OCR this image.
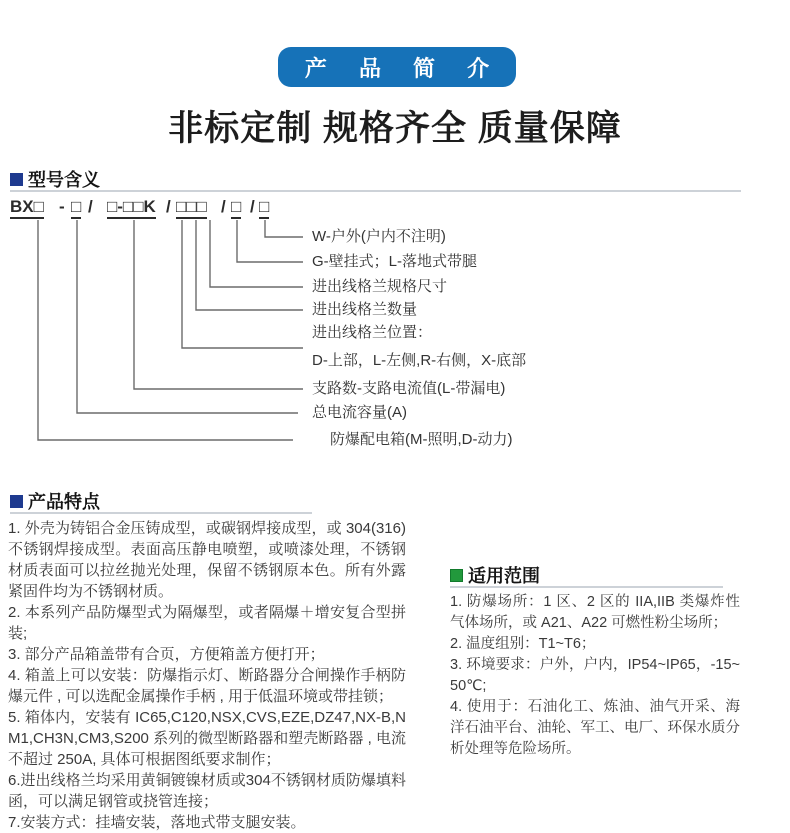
产 品 简 介
非标定制 规格齐全 质量保障
型号含义
BX□ - □ / □-□□K / □□□ / □ / □
W-户外(户内不注明)
G-壁挂式；L-落地式带腿
进出线格兰规格尺寸
进出线格兰数量
进出线格兰位置：
D-上部，L-左侧,R-右侧，X-底部
支路数-支路电流值(L-带漏电)
总电流容量(A)
防爆配电箱(M-照明,D-动力)
产品特点

1. 外壳为铸铝合金压铸成型，或碳钢焊接成型，或 304(316)不锈钢焊接成型。表面高压静电喷塑，或喷漆处理，不锈钢材质表面可以拉丝抛光处理，保留不锈钢原本色。所有外露紧固件均为不锈钢材质。

2. 本系列产品防爆型式为隔爆型，或者隔爆＋增安复合型拼装;

3. 部分产品箱盖带有合页，方便箱盖方便打开；

4. 箱盖上可以安装：防爆指示灯、断路器分合闸操作手柄防爆元件 , 可以选配金属操作手柄 , 用于低温环境或带挂锁；

5. 箱体内，安装有 IC65,C120,NSX,CVS,EZE,DZ47,NX-B,NM1,CH3N,CM3,S200 系列的微型断路器和塑壳断路器 , 电流不超过 250A, 具体可根据图纸要求制作；

6.进出线格兰均采用黄铜镀镍材质或304不锈钢材质防爆填料函，可以满足钢管或挠管连接；

7.安装方式：挂墙安装，落地式带支腿安装。

适用范围

1. 防爆场所：1 区、2 区的 IIA,IIB 类爆炸性气体场所，或 A21、A22 可燃性粉尘场所；

2. 温度组别：T1~T6；

3. 环境要求：户外，户内，IP54~IP65，-15~50℃;

4. 使用于：石油化工、炼油、油气开采、海洋石油平台、油轮、军工、电厂、环保水质分析处理等危险场所。
